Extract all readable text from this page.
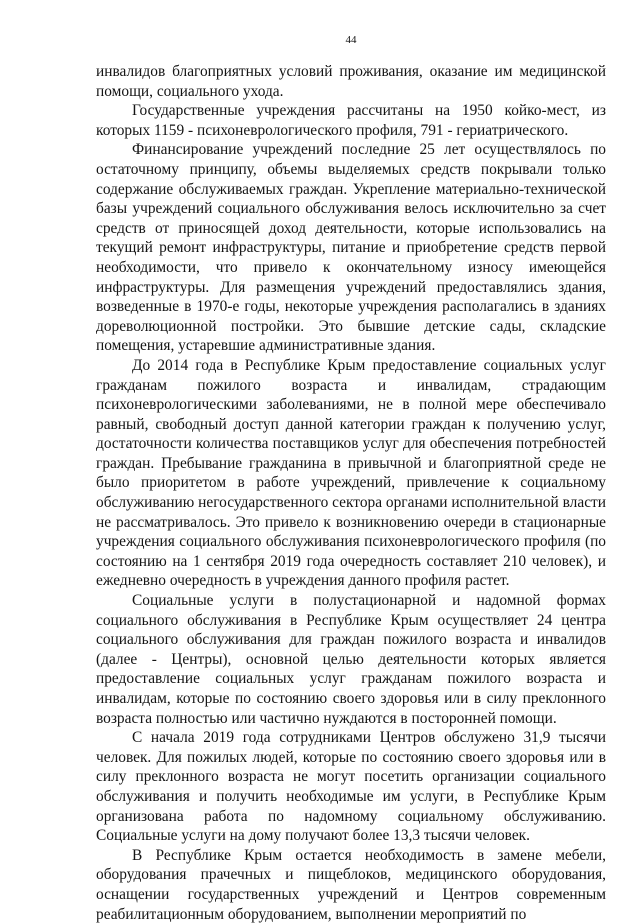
44

инвалидов благоприятных условий проживания, оказание им медицинской помощи, социального ухода.

Государственные учреждения рассчитаны на 1950 койко-мест, из которых 1159 - психоневрологического профиля, 791 - гериатрического.

Финансирование учреждений последние 25 лет осуществлялось по остаточному принципу, объемы выделяемых средств покрывали только содержание обслуживаемых граждан. Укрепление материально-технической базы учреждений социального обслуживания велось исключительно за счет средств от приносящей доход деятельности, которые использовались на текущий ремонт инфраструктуры, питание и приобретение средств первой необходимости, что привело к окончательному износу имеющейся инфраструктуры. Для размещения учреждений предоставлялись здания, возведенные в 1970-е годы, некоторые учреждения располагались в зданиях дореволюционной постройки. Это бывшие детские сады, складские помещения, устаревшие административные здания.

До 2014 года в Республике Крым предоставление социальных услуг гражданам пожилого возраста и инвалидам, страдающим психоневрологическими заболеваниями, не в полной мере обеспечивало равный, свободный доступ данной категории граждан к получению услуг, достаточности количества поставщиков услуг для обеспечения потребностей граждан. Пребывание гражданина в привычной и благоприятной среде не было приоритетом в работе учреждений, привлечение к социальному обслуживанию негосударственного сектора органами исполнительной власти не рассматривалось. Это привело к возникновению очереди в стационарные учреждения социального обслуживания психоневрологического профиля (по состоянию на 1 сентября 2019 года очередность составляет 210 человек), и ежедневно очередность в учреждения данного профиля растет.

Социальные услуги в полустационарной и надомной формах социального обслуживания в Республике Крым осуществляет 24 центра социального обслуживания для граждан пожилого возраста и инвалидов (далее - Центры), основной целью деятельности которых является предоставление социальных услуг гражданам пожилого возраста и инвалидам, которые по состоянию своего здоровья или в силу преклонного возраста полностью или частично нуждаются в посторонней помощи.

С начала 2019 года сотрудниками Центров обслужено 31,9 тысячи человек. Для пожилых людей, которые по состоянию своего здоровья или в силу преклонного возраста не могут посетить организации социального обслуживания и получить необходимые им услуги, в Республике Крым организована работа по надомному социальному обслуживанию. Социальные услуги на дому получают более 13,3 тысячи человек.

В Республике Крым остается необходимость в замене мебели, оборудования прачечных и пищеблоков, медицинского оборудования, оснащении государственных учреждений и Центров современным реабилитационным оборудованием, выполнении мероприятий по
